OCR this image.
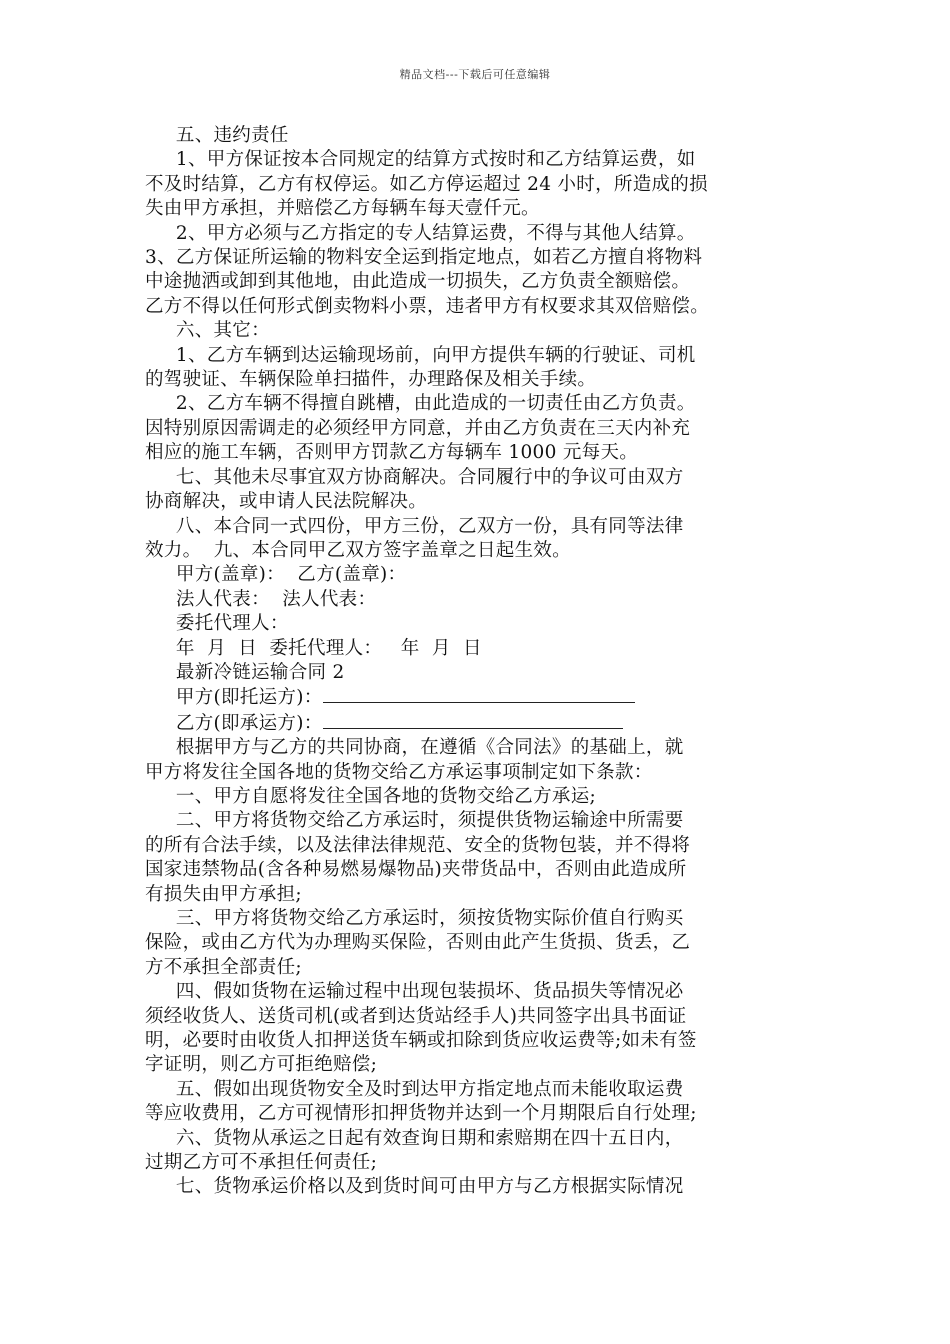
精品文档---下载后可任意编辑

五、违约责任

1、甲方保证按本合同规定的结算方式按时和乙方结算运费，如

不及时结算，乙方有权停运。如乙方停运超过 24 小时，所造成的损

失由甲方承担，并赔偿乙方每辆车每天壹仟元。

2、甲方必须与乙方指定的专人结算运费，不得与其他人结算。

3、乙方保证所运输的物料安全运到指定地点，如若乙方擅自将物料

中途抛洒或卸到其他地，由此造成一切损失，乙方负责全额赔偿。

乙方不得以任何形式倒卖物料小票，违者甲方有权要求其双倍赔偿。

六、其它：

1、乙方车辆到达运输现场前，向甲方提供车辆的行驶证、司机

的驾驶证、车辆保险单扫描件，办理路保及相关手续。

2、乙方车辆不得擅自跳槽，由此造成的一切责任由乙方负责。

因特别原因需调走的必须经甲方同意，并由乙方负责在三天内补充

相应的施工车辆，否则甲方罚款乙方每辆车 1000 元每天。

七、其他未尽事宜双方协商解决。合同履行中的争议可由双方

协商解决，或申请人民法院解决。

八、本合同一式四份，甲方三份，乙双方一份，具有同等法律

效力。  九、本合同甲乙双方签字盖章之日起生效。

甲方(盖章)：  乙方(盖章)：

法人代表：  法人代表：

委托代理人：

年  月  日  委托代理人：   年  月  日

最新冷链运输合同 2

甲方(即托运方)：

乙方(即承运方)：

根据甲方与乙方的共同协商，在遵循《合同法》的基础上，就

甲方将发往全国各地的货物交给乙方承运事项制定如下条款：

一、甲方自愿将发往全国各地的货物交给乙方承运;

二、甲方将货物交给乙方承运时，须提供货物运输途中所需要

的所有合法手续，以及法律法律规范、安全的货物包装，并不得将

国家违禁物品(含各种易燃易爆物品)夹带货品中，否则由此造成所

有损失由甲方承担;

三、甲方将货物交给乙方承运时，须按货物实际价值自行购买

保险，或由乙方代为办理购买保险，否则由此产生货损、货丢，乙

方不承担全部责任;

四、假如货物在运输过程中出现包装损坏、货品损失等情况必

须经收货人、送货司机(或者到达货站经手人)共同签字出具书面证

明，必要时由收货人扣押送货车辆或扣除到货应收运费等;如未有签

字证明，则乙方可拒绝赔偿;

五、假如出现货物安全及时到达甲方指定地点而未能收取运费

等应收费用，乙方可视情形扣押货物并达到一个月期限后自行处理;

六、货物从承运之日起有效查询日期和索赔期在四十五日内，

过期乙方可不承担任何责任;

七、货物承运价格以及到货时间可由甲方与乙方根据实际情况
